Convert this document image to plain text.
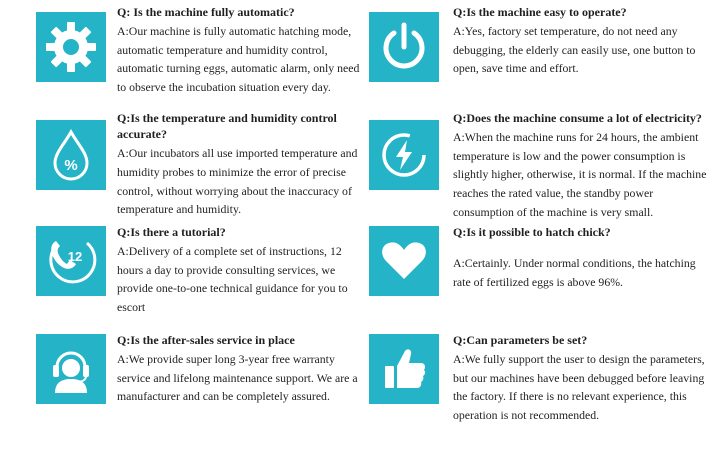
Q: Is the machine fully automatic?
A:Our machine is fully automatic hatching mode, automatic temperature and humidity control, automatic turning eggs, automatic alarm, only need to observe the incubation situation every day.
Q:Is the machine easy to operate?
A:Yes, factory set temperature, do not need any debugging, the elderly can easily use, one button to open, save time and effort.
%
Q:Is the temperature and humidity control accurate?
A:Our incubators all use imported temperature and humidity probes to minimize the error of precise control, without worrying about the inaccuracy of temperature and humidity.
Q:Does the machine consume a lot of electricity?
A:When the machine runs for 24 hours, the ambient temperature is low and the power consumption is slightly higher, otherwise, it is normal. If the machine reaches the rated value, the standby power consumption of the machine is very small.
12
Q:Is there a tutorial?
A:Delivery of a complete set of instructions, 12 hours a day to provide consulting services, we provide one-to-one technical guidance for you to escort
Q:Is it possible to hatch chick?
A:Certainly. Under normal conditions, the hatching rate of fertilized eggs is above 96%.
Q:Is the after-sales service in place
A:We provide super long 3-year free warranty service and lifelong maintenance support. We are a manufacturer and can be completely assured.
Q:Can parameters be set?
A:We fully support the user to design the parameters, but our machines have been debugged before leaving the factory. If there is no relevant experience, this operation is not recommended.
